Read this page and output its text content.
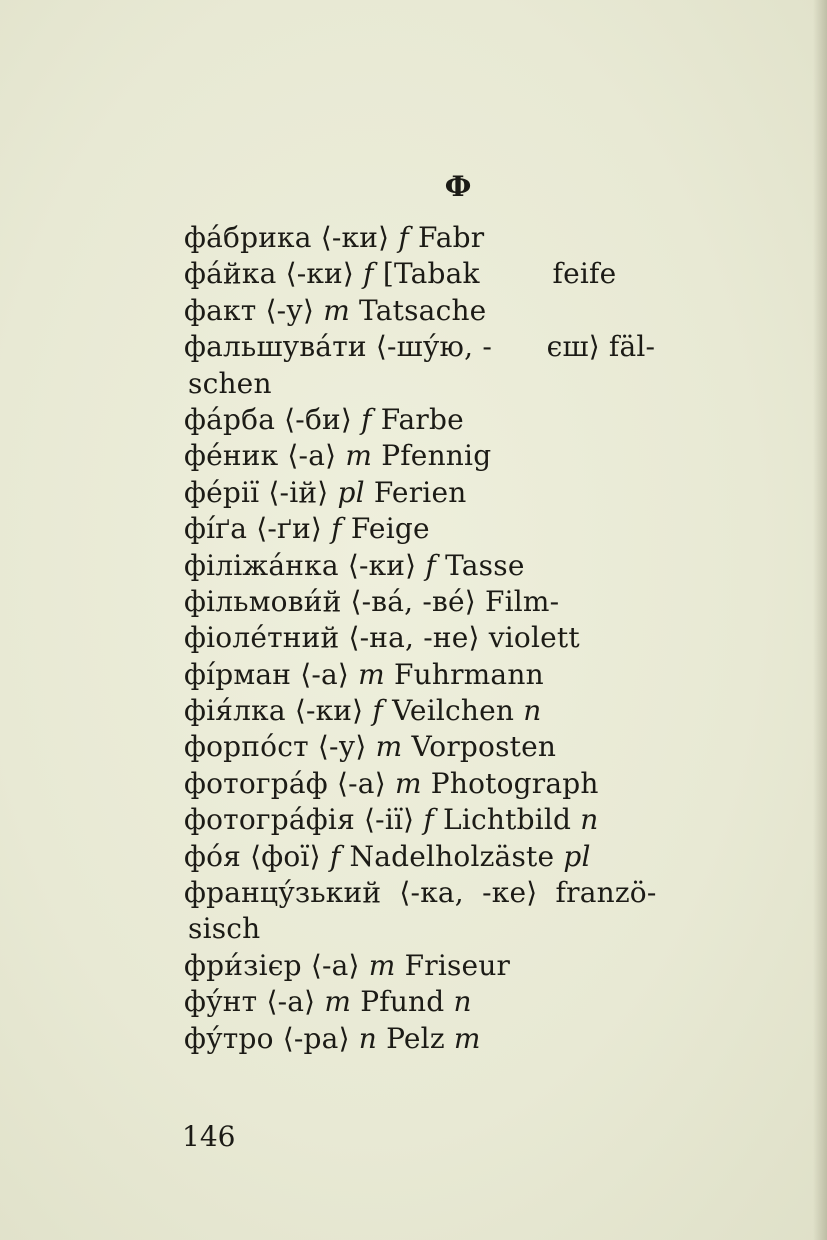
Ф
фа́брика ⟨-ки⟩ f Fabr
фа́йка ⟨-ки⟩ f [Tabak        feife
факт ⟨-у⟩ m Tatsache
фальшува́ти ⟨-шу́ю, -      єш⟩ fäl-
schen
фа́рба ⟨-би⟩ f Farbe
фе́ник ⟨-а⟩ m Pfennig
фе́рії ⟨-ій⟩ pl Ferien
фі́ґа ⟨-ґи⟩ f Feige
філіжа́нка ⟨-ки⟩ f Tasse
фільмови́й ⟨-ва́, -ве́⟩ Film-
фіоле́тний ⟨-на, -не⟩ violett
фі́рман ⟨-а⟩ m Fuhrmann
фія́лка ⟨-ки⟩ f Veilchen n
форпо́ст ⟨-у⟩ m Vorposten
фотогра́ф ⟨-а⟩ m Photograph
фотогра́фія ⟨-ії⟩ f Lichtbild n
фо́я ⟨фої⟩ f Nadelholzäste pl
францу́зький  ⟨-ка,  -ке⟩  franzö-
sisch
фри́зієр ⟨-а⟩ m Friseur
фу́нт ⟨-а⟩ m Pfund n
фу́тро ⟨-ра⟩ n Pelz m
146
